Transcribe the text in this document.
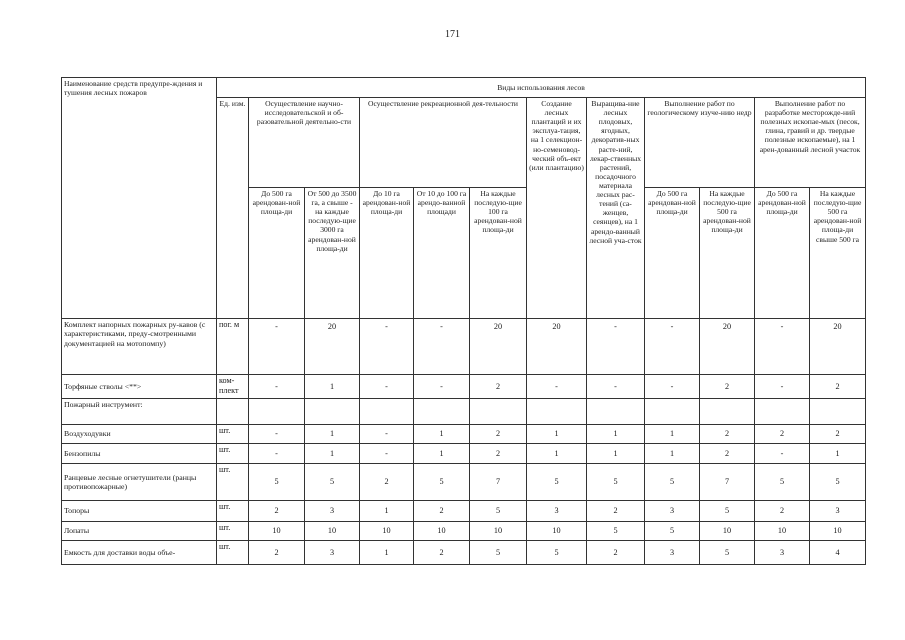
171
Наименование средств предупре-ждения и тушения лесных пожаров	Виды использования лесов											
	Ед. изм.	Осуществление научно-исследовательской и об-разовательной деятельно-сти		Осуществление рекреационной дея-тельности			Создание лесных плантаций и их эксплуа-тация, на 1 селекцион-но-семеновод-ческий объ-ект (или плантацию)	Выращива-ние лесных плодовых, ягодных, декоратив-ных расте-ний, лекар-ственных растений, посадочного материала лесных рас-тений (са-женцев, сеянцев), на 1 арендо-ванный лесной уча-сток	Выполнение работ по геологическому изуче-нию недр		Выполнение работ по разработке месторожде-ний полезных ископае-мых (песок, глина, гравий и др. твердые полезные ископаемые), на 1 арен-дованный лесной участок	
		До 500 га арендован-ной площа-ди	От 500 до 3500 га, а свыше - на каждые последую-щие 3000 га арендован-ной площа-ди	До 10 га арендован-ной площа-ди	От 10 до 100 га арендо-ванной площади	На каждые последую-щие 100 га арендован-ной площа-ди			До 500 га арендован-ной площа-ди	На каждые последую-щие 500 га арендован-ной площа-ди	До 500 га арендован-ной площа-ди	На каждые последую-щие 500 га арендован-ной площа-ди свыше 500 га
Комплект напорных пожарных ру-кавов (с характеристиками, преду-смотренными документацией на мотопомпу)	пог. м	-	20	-	-	20	20	-	-	20	-	20
Торфяные стволы <**>	ком-плект	-	1	-	-	2	-	-	-	2	-	2
Пожарный инструмент:												
Воздуходувки	шт.	-	1	-	1	2	1	1	1	2	2	2
Бензопилы	шт.	-	1	-	1	2	1	1	1	2	-	1
Ранцевые лесные огнетушители (ранцы противопожарные)	шт.	5	5	2	5	7	5	5	5	7	5	5
Топоры	шт.	2	3	1	2	5	3	2	3	5	2	3
Лопаты	шт.	10	10	10	10	10	10	5	5	10	10	10
Емкость для доставки воды объе-	шт.	2	3	1	2	5	5	2	3	5	3	4
